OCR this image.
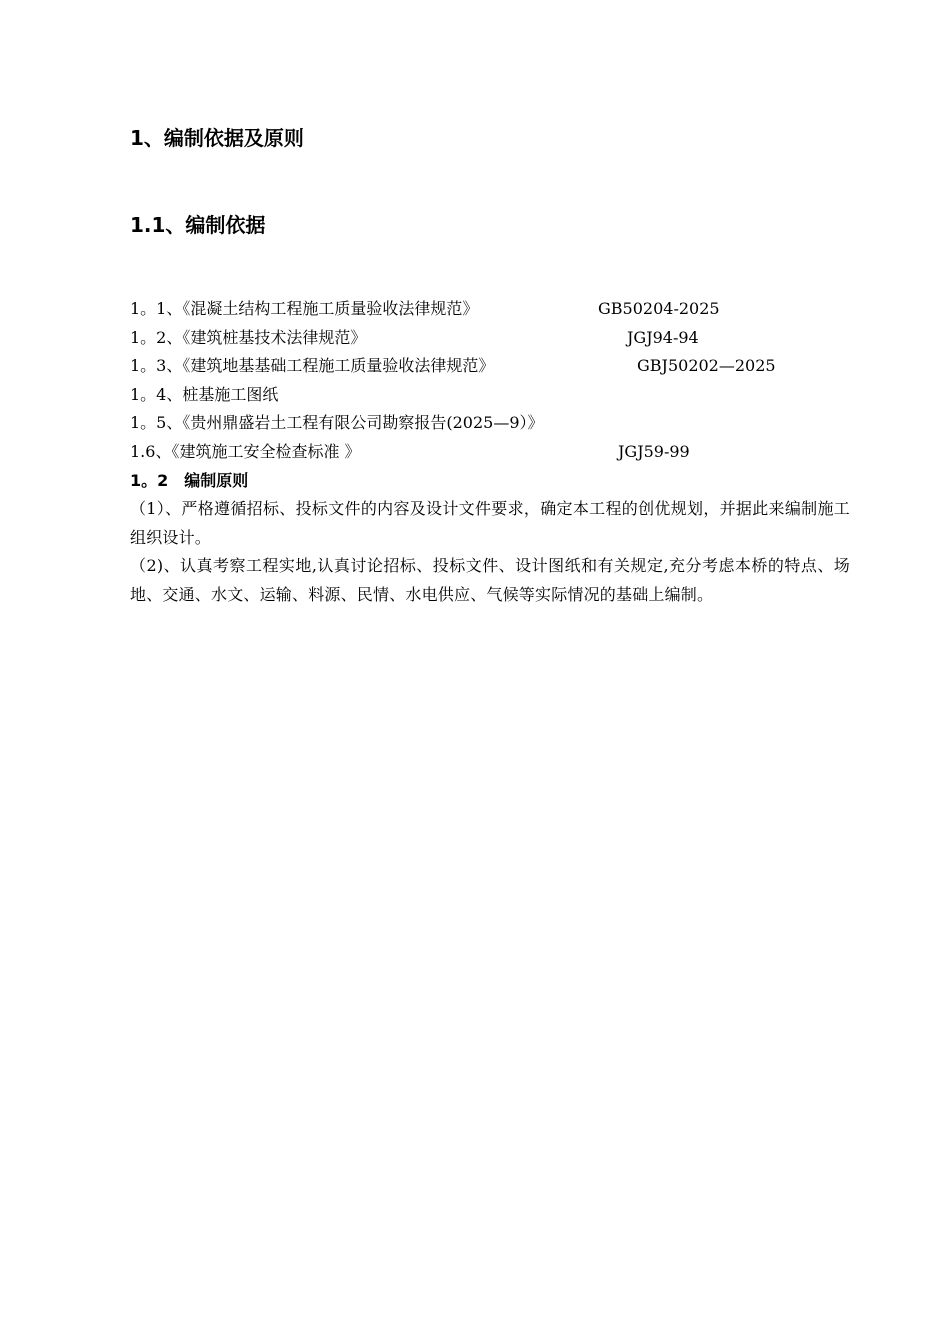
1、编制依据及原则
1.1、编制依据
1。1、《混凝土结构工程施工质量验收法律规范》	GB50204-2025
1。2、《建筑桩基技术法律规范》	JGJ94-94
1。3、《建筑地基基础工程施工质量验收法律规范》	GBJ50202—2025
1。4、桩基施工图纸
1。5、《贵州鼎盛岩土工程有限公司勘察报告(2025—9）》
1.6、《建筑施工安全检查标准 》	JGJ59-99
1。2　编制原则

（1）、严格遵循招标、投标文件的内容及设计文件要求，确定本工程的创优规划，并据此来编制施工组织设计。

（2)、认真考察工程实地,认真讨论招标、投标文件、设计图纸和有关规定,充分考虑本桥的特点、场地、交通、水文、运输、料源、民情、水电供应、气候等实际情况的基础上编制。
